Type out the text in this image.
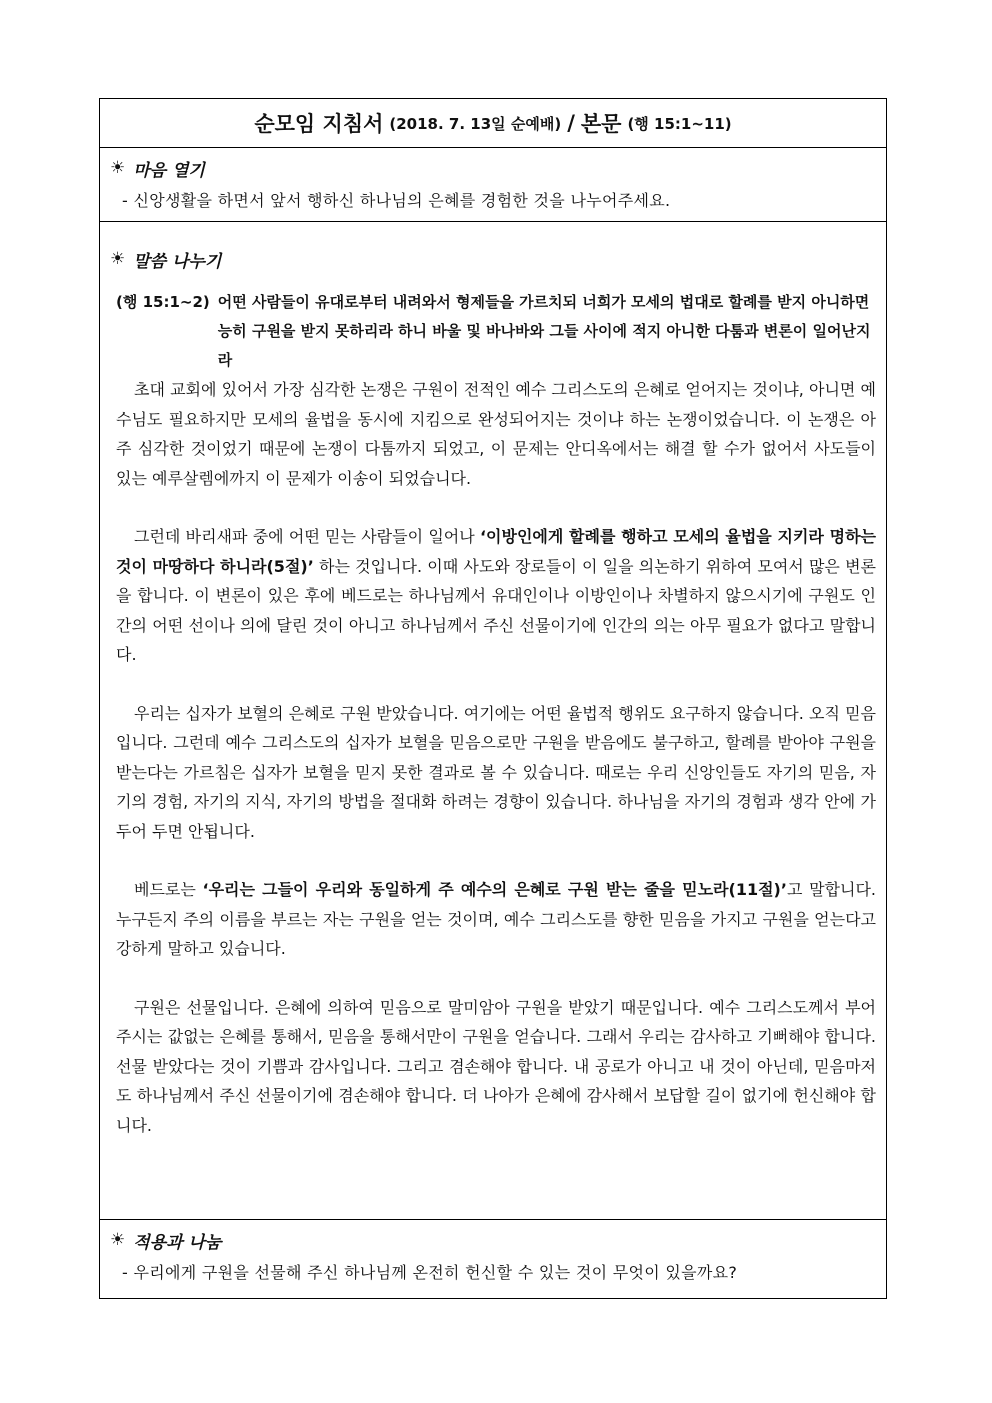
순모임 지침서 (2018. 7. 13일 순예배) / 본문 (행 15:1~11)
☀ 마음 열기
- 신앙생활을 하면서 앞서 행하신 하나님의 은혜를 경험한 것을 나누어주세요.
☀ 말씀 나누기
(행 15:1∼2) 어떤 사람들이 유대로부터 내려와서 형제들을 가르치되 너희가 모세의 법대로 할례를 받지 아니하면 능히 구원을 받지 못하리라 하니 바울 및 바나바와 그들 사이에 적지 아니한 다툼과 변론이 일어난지라
초대 교회에 있어서 가장 심각한 논쟁은 구원이 전적인 예수 그리스도의 은혜로 얻어지는 것이냐, 아니면 예수님도 필요하지만 모세의 율법을 동시에 지킴으로 완성되어지는 것이냐 하는 논쟁이었습니다. 이 논쟁은 아주 심각한 것이었기 때문에 논쟁이 다툼까지 되었고, 이 문제는 안디옥에서는 해결 할 수가 없어서 사도들이 있는 예루살렘에까지 이 문제가 이송이 되었습니다.
그런데 바리새파 중에 어떤 믿는 사람들이 일어나 ‘이방인에게 할례를 행하고 모세의 율법을 지키라 명하는 것이 마땅하다 하니라(5절)’ 하는 것입니다. 이때 사도와 장로들이 이 일을 의논하기 위하여 모여서 많은 변론을 합니다. 이 변론이 있은 후에 베드로는 하나님께서 유대인이나 이방인이나 차별하지 않으시기에 구원도 인간의 어떤 선이나 의에 달린 것이 아니고 하나님께서 주신 선물이기에 인간의 의는 아무 필요가 없다고 말합니다.
우리는 십자가 보혈의 은혜로 구원 받았습니다. 여기에는 어떤 율법적 행위도 요구하지 않습니다. 오직 믿음입니다. 그런데 예수 그리스도의 십자가 보혈을 믿음으로만 구원을 받음에도 불구하고, 할례를 받아야 구원을 받는다는 가르침은 십자가 보혈을 믿지 못한 결과로 볼 수 있습니다. 때로는 우리 신앙인들도 자기의 믿음, 자기의 경험, 자기의 지식, 자기의 방법을 절대화 하려는 경향이 있습니다. 하나님을 자기의 경험과 생각 안에 가두어 두면 안됩니다.
베드로는 ‘우리는 그들이 우리와 동일하게 주 예수의 은혜로 구원 받는 줄을 믿노라(11절)’고 말합니다. 누구든지 주의 이름을 부르는 자는 구원을 얻는 것이며, 예수 그리스도를 향한 믿음을 가지고 구원을 얻는다고 강하게 말하고 있습니다.
구원은 선물입니다. 은혜에 의하여 믿음으로 말미암아 구원을 받았기 때문입니다. 예수 그리스도께서 부어주시는 값없는 은혜를 통해서, 믿음을 통해서만이 구원을 얻습니다. 그래서 우리는 감사하고 기뻐해야 합니다. 선물 받았다는 것이 기쁨과 감사입니다. 그리고 겸손해야 합니다. 내 공로가 아니고 내 것이 아닌데, 믿음마저도 하나님께서 주신 선물이기에 겸손해야 합니다. 더 나아가 은혜에 감사해서 보답할 길이 없기에 헌신해야 합니다.
☀ 적용과 나눔
- 우리에게 구원을 선물해 주신 하나님께 온전히 헌신할 수 있는 것이 무엇이 있을까요?
